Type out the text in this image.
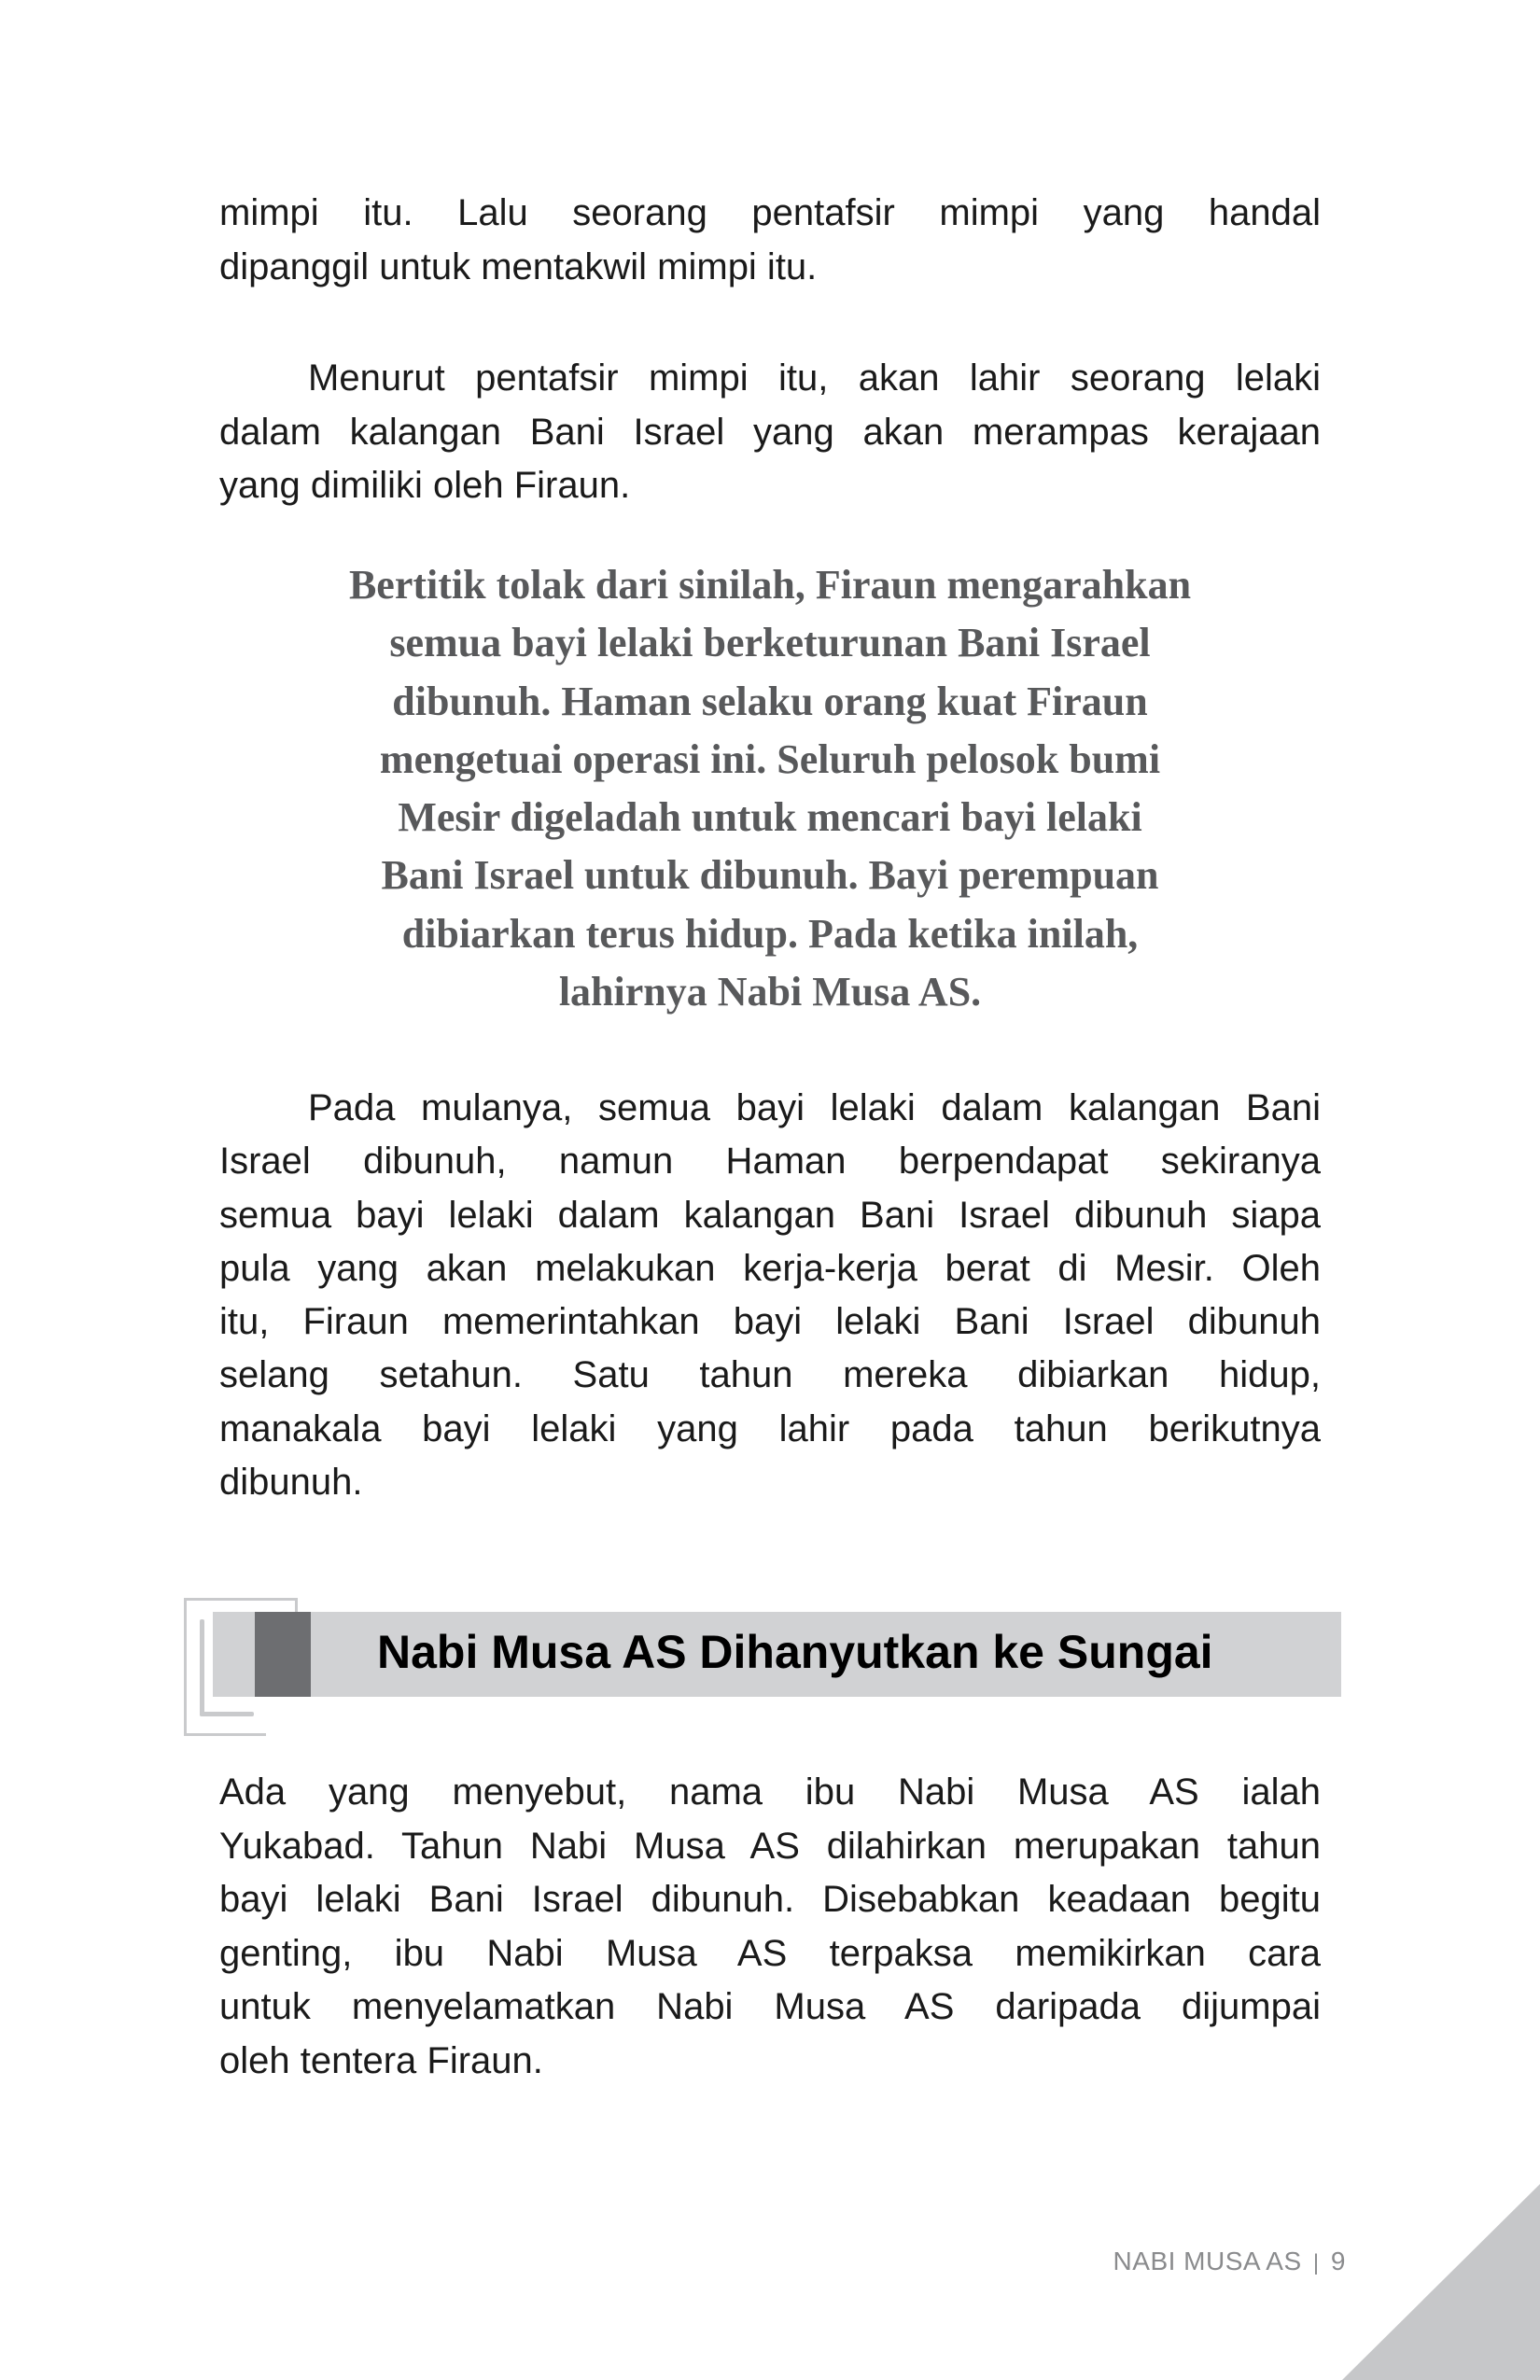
mimpi itu. Lalu seorang pentafsir mimpi yang handal
dipanggil untuk mentakwil mimpi itu.
Menurut pentafsir mimpi itu, akan lahir seorang lelaki
dalam kalangan Bani Israel yang akan merampas kerajaan
yang dimiliki oleh Firaun.
Bertitik tolak dari sinilah, Firaun mengarahkan
semua bayi lelaki berketurunan Bani Israel
dibunuh. Haman selaku orang kuat Firaun
mengetuai operasi ini. Seluruh pelosok bumi
Mesir digeladah untuk mencari bayi lelaki
Bani Israel untuk dibunuh. Bayi perempuan
dibiarkan terus hidup. Pada ketika inilah,
lahirnya Nabi Musa AS.
Pada mulanya, semua bayi lelaki dalam kalangan Bani
Israel dibunuh, namun Haman berpendapat sekiranya
semua bayi lelaki dalam kalangan Bani Israel dibunuh siapa
pula yang akan melakukan kerja-kerja berat di Mesir. Oleh
itu, Firaun memerintahkan bayi lelaki Bani Israel dibunuh
selang setahun. Satu tahun mereka dibiarkan hidup,
manakala bayi lelaki yang lahir pada tahun berikutnya
dibunuh.
Nabi Musa AS Dihanyutkan ke Sungai
Ada yang menyebut, nama ibu Nabi Musa AS ialah
Yukabad. Tahun Nabi Musa AS dilahirkan merupakan tahun
bayi lelaki Bani Israel dibunuh. Disebabkan keadaan begitu
genting, ibu Nabi Musa AS terpaksa memikirkan cara
untuk menyelamatkan Nabi Musa AS daripada dijumpai
oleh tentera Firaun.
NABI MUSA AS | 9
